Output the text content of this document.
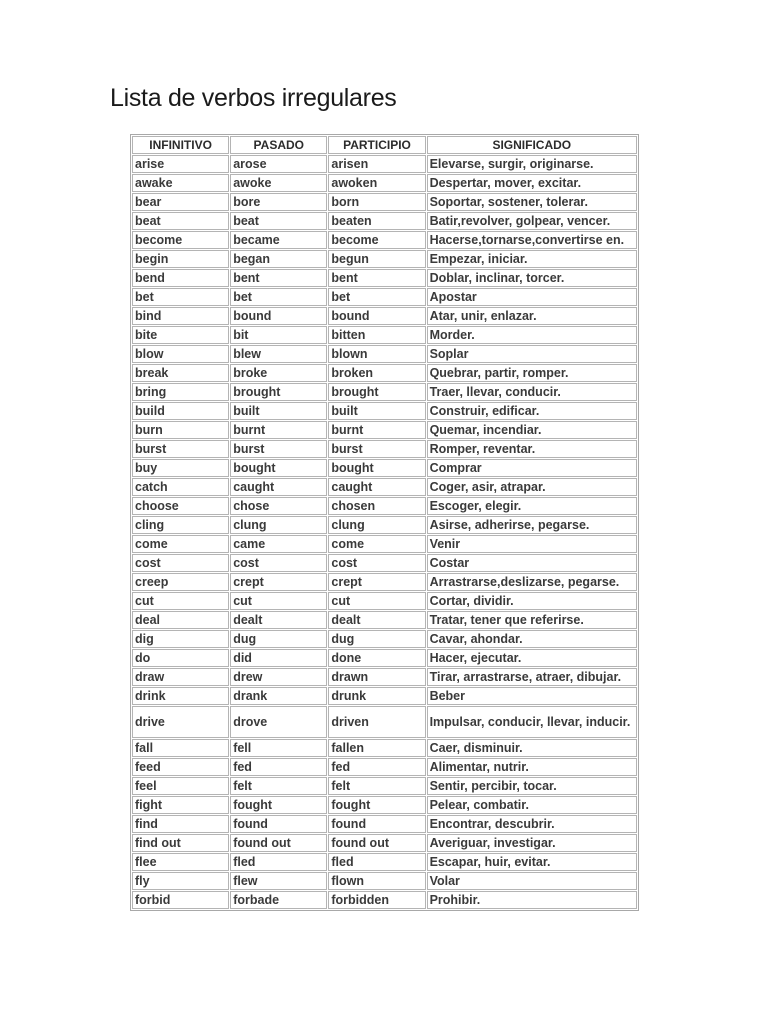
Lista de verbos irregulares
INFINITIVO	PASADO	PARTICIPIO	SIGNIFICADO
arise	arose	arisen	Elevarse, surgir, originarse.
awake	awoke	awoken	Despertar, mover, excitar.
bear	bore	born	Soportar, sostener, tolerar.
beat	beat	beaten	Batir,revolver, golpear, vencer.
become	became	become	Hacerse,tornarse,convertirse en.
begin	began	begun	Empezar, iniciar.
bend	bent	bent	Doblar, inclinar, torcer.
bet	bet	bet	Apostar
bind	bound	bound	Atar, unir, enlazar.
bite	bit	bitten	Morder.
blow	blew	blown	Soplar
break	broke	broken	Quebrar, partir, romper.
bring	brought	brought	Traer, llevar, conducir.
build	built	built	Construir, edificar.
burn	burnt	burnt	Quemar, incendiar.
burst	burst	burst	Romper, reventar.
buy	bought	bought	Comprar
catch	caught	caught	Coger, asir, atrapar.
choose	chose	chosen	Escoger, elegir.
cling	clung	clung	Asirse, adherirse, pegarse.
come	came	come	Venir
cost	cost	cost	Costar
creep	crept	crept	Arrastrarse,deslizarse, pegarse.
cut	cut	cut	Cortar, dividir.
deal	dealt	dealt	Tratar, tener que referirse.
dig	dug	dug	Cavar, ahondar.
do	did	done	Hacer, ejecutar.
draw	drew	drawn	Tirar, arrastrarse, atraer, dibujar.
drink	drank	drunk	Beber
drive	drove	driven	Impulsar, conducir, llevar, inducir.
fall	fell	fallen	Caer, disminuir.
feed	fed	fed	Alimentar, nutrir.
feel	felt	felt	Sentir, percibir, tocar.
fight	fought	fought	Pelear, combatir.
find	found	found	Encontrar, descubrir.
find out	found out	found out	Averiguar, investigar.
flee	fled	fled	Escapar, huir, evitar.
fly	flew	flown	Volar
forbid	forbade	forbidden	Prohibir.
